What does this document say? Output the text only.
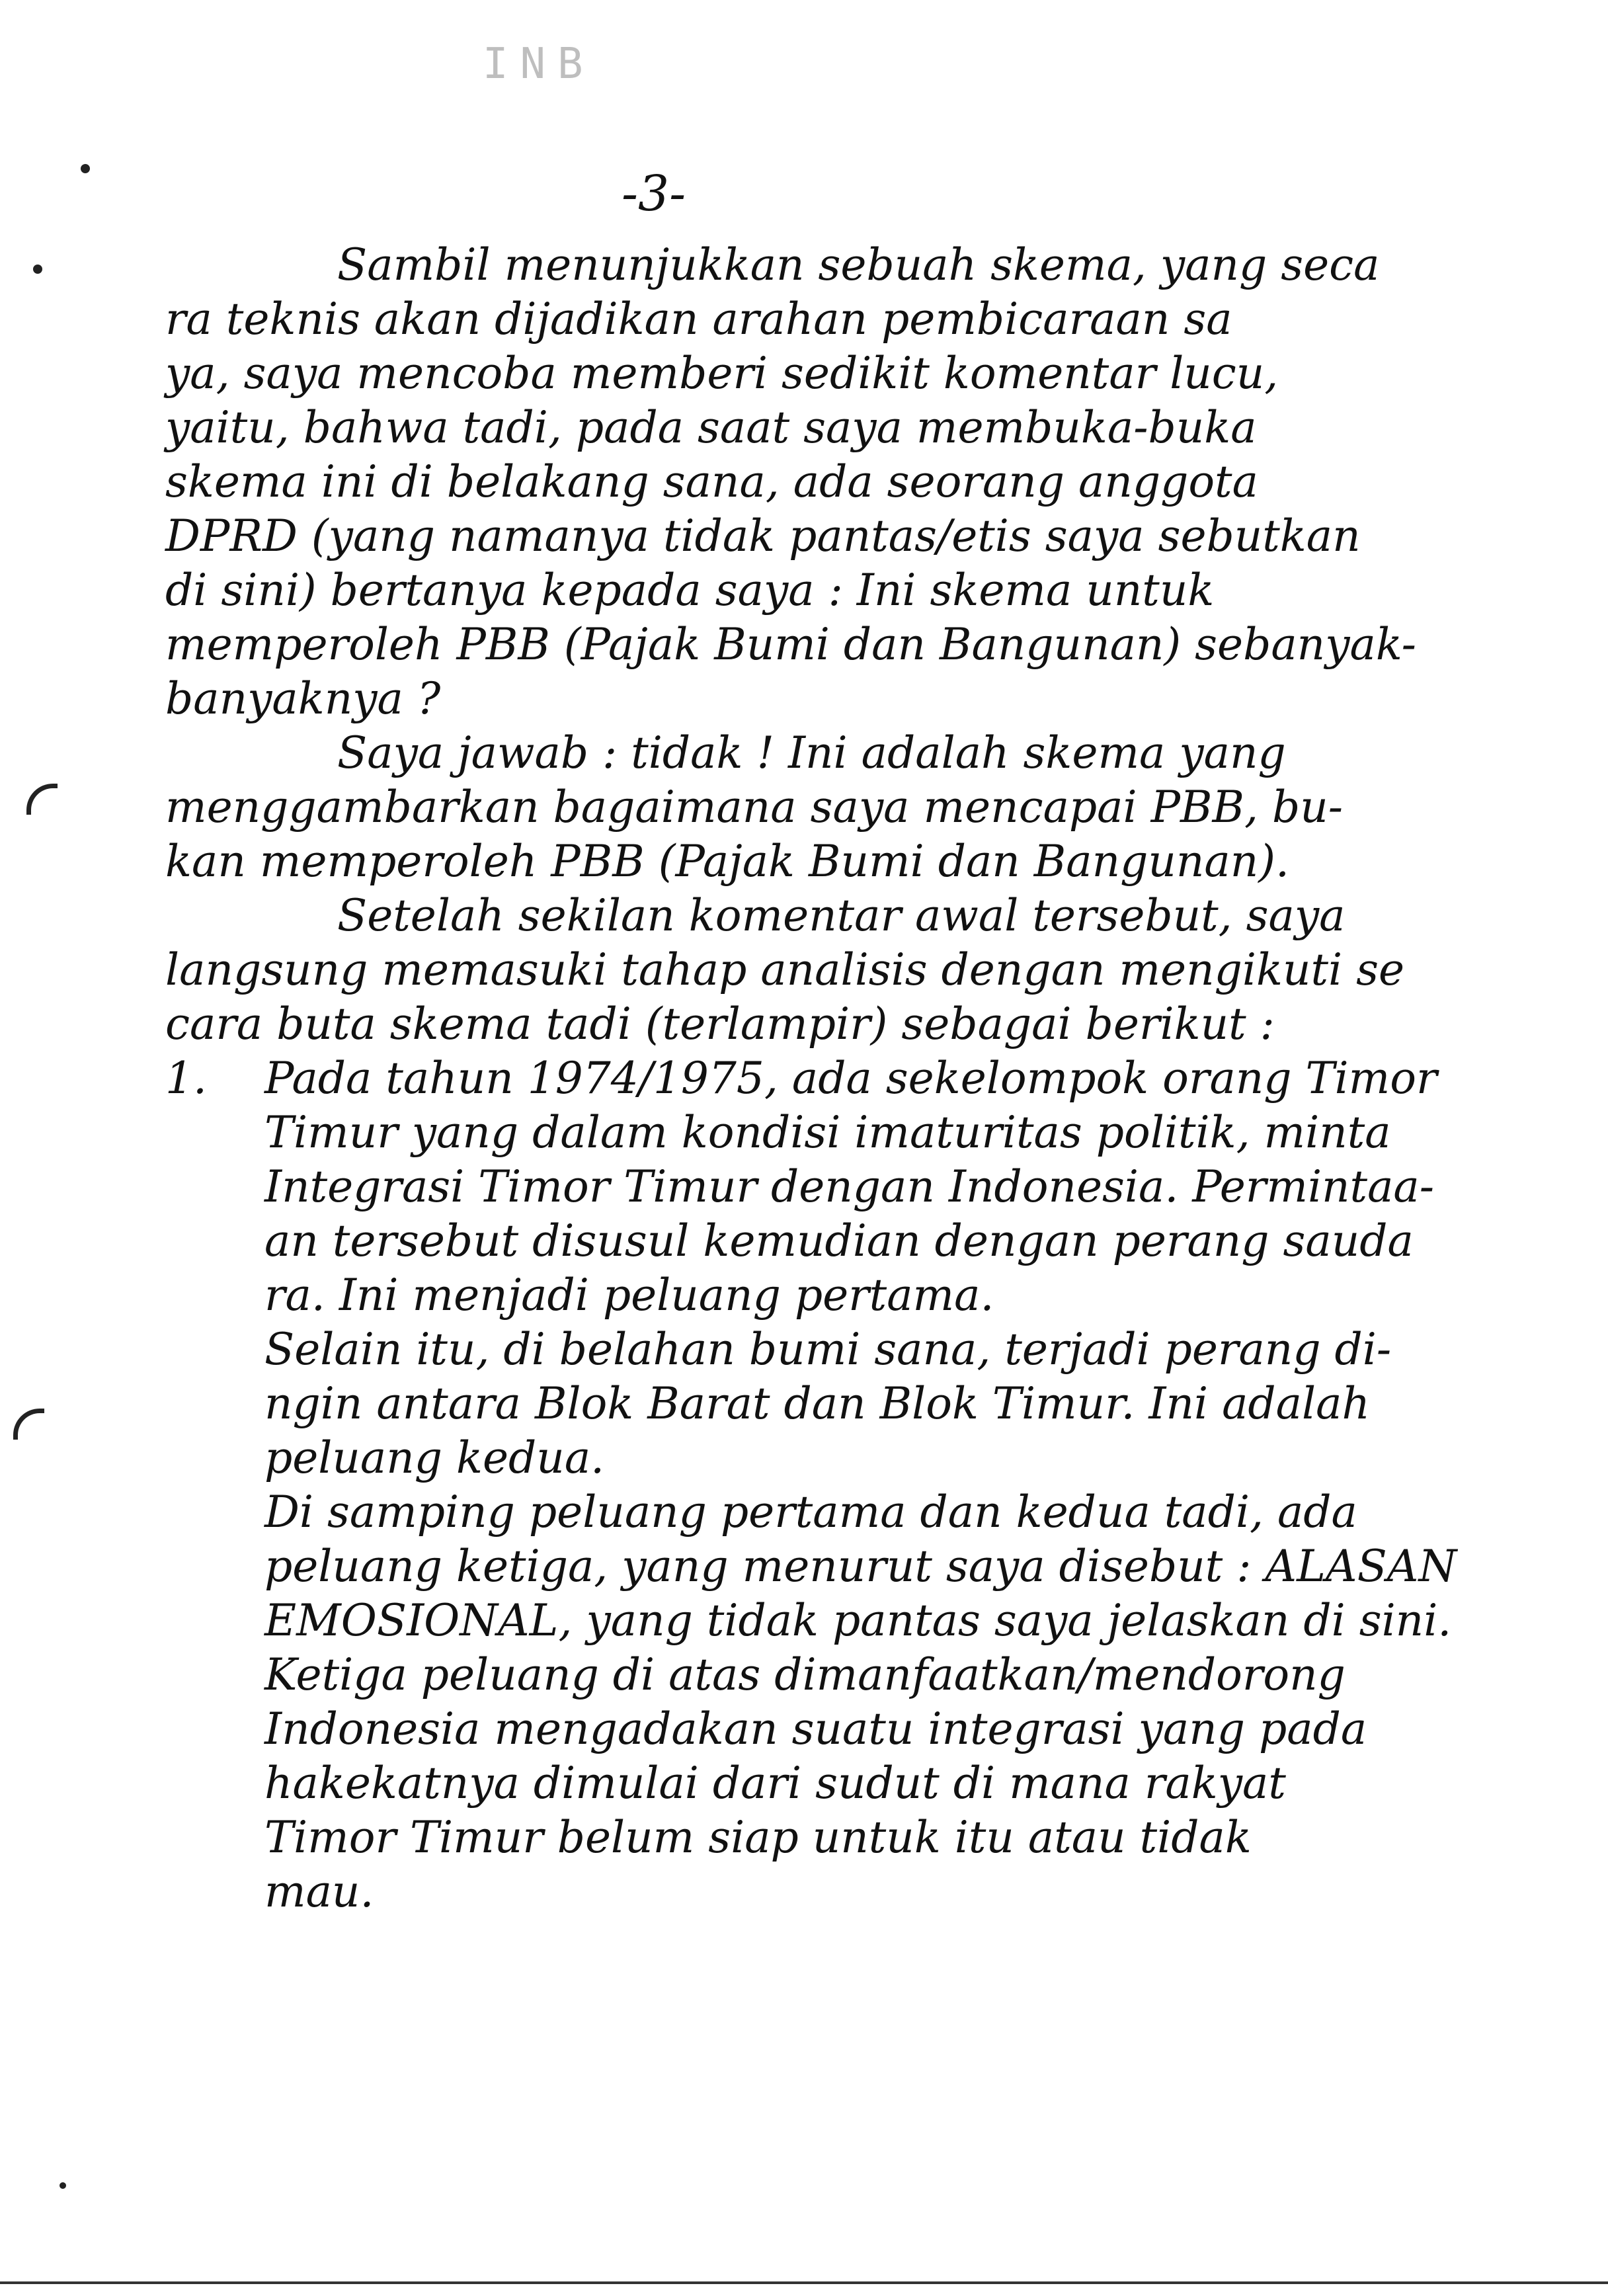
INB
-3-
Sambil menunjukkan sebuah skema, yang seca
ra teknis akan dijadikan arahan pembicaraan sa
ya, saya mencoba memberi sedikit komentar lucu,
yaitu, bahwa tadi, pada saat saya membuka-buka
skema ini di belakang sana, ada seorang anggota
DPRD (yang namanya tidak pantas/etis saya sebutkan
di sini) bertanya kepada saya : Ini skema untuk
memperoleh PBB (Pajak Bumi dan Bangunan) sebanyak-
banyaknya ?
Saya jawab : tidak ! Ini adalah skema yang
menggambarkan bagaimana saya mencapai PBB, bu-
kan memperoleh PBB (Pajak Bumi dan Bangunan).
Setelah sekilan komentar awal tersebut, saya
langsung memasuki tahap analisis dengan mengikuti se
cara buta skema tadi (terlampir) sebagai berikut :
1. Pada tahun 1974/1975, ada sekelompok orang Timor
Timur yang dalam kondisi imaturitas politik, minta
Integrasi Timor Timur dengan Indonesia. Permintaa-
an tersebut disusul kemudian dengan perang sauda
ra. Ini menjadi peluang pertama.
Selain itu, di belahan bumi sana, terjadi perang di-
ngin antara Blok Barat dan Blok Timur. Ini adalah
peluang kedua.
Di samping peluang pertama dan kedua tadi, ada
peluang ketiga, yang menurut saya disebut : ALASAN
EMOSIONAL, yang tidak pantas saya jelaskan di sini.
Ketiga peluang di atas dimanfaatkan/mendorong
Indonesia mengadakan suatu integrasi yang pada
hakekatnya dimulai dari sudut di mana rakyat
Timor Timur belum siap untuk itu atau tidak
mau.
